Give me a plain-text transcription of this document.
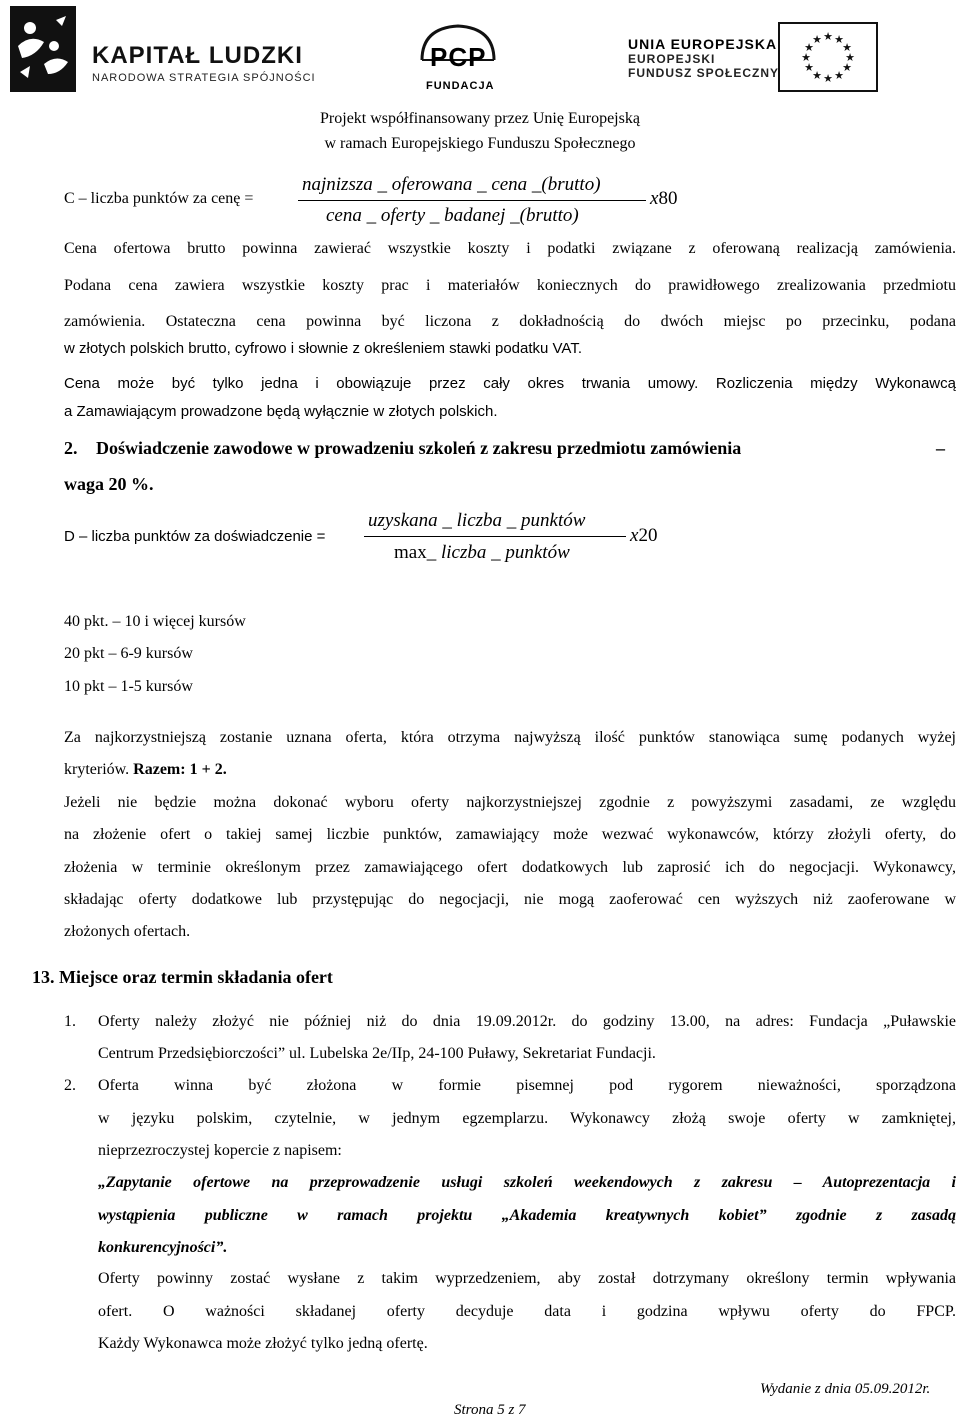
KAPITAŁ LUDZKI
NARODOWA STRATEGIA SPÓJNOŚCI
PCP
FUNDACJA
UNIA EUROPEJSKA
EUROPEJSKI
FUNDUSZ SPOŁECZNY
★ ★
★
★
★
★
★
★
★
★
★
★
Projekt współfinansowany przez Unię Europejską
w ramach Europejskiego Funduszu Społecznego
C – liczba punktów za cenę =
najnizsza _ oferowana _ cena _(brutto)
cena _ oferty _ badanej _(brutto)
x80
Cena ofertowa brutto powinna zawierać wszystkie koszty i podatki związane z oferowaną realizacją zamówienia.
Podana cena zawiera wszystkie koszty prac i materiałów koniecznych do prawidłowego zrealizowania przedmiotu
zamówienia. Ostateczna cena powinna być liczona z dokładnością do dwóch miejsc po przecinku, podana
w złotych polskich brutto, cyfrowo i słownie z określeniem stawki podatku VAT.
Cena może być tylko jedna i obowiązuje przez cały okres trwania umowy. Rozliczenia między Wykonawcą
a Zamawiającym prowadzone będą wyłącznie w złotych polskich.
2. Doświadczenie zawodowe w prowadzeniu szkoleń z zakresu przedmiotu zamówienia	–
waga 20 %.
D – liczba punktów za doświadczenie =
uzyskana _ liczba _ punktów
max_ liczba _ punktów
x20
40 pkt. – 10 i więcej kursów
20 pkt – 6-9 kursów
10 pkt – 1-5 kursów
Za najkorzystniejszą zostanie uznana oferta, która otrzyma najwyższą ilość punktów stanowiąca sumę podanych wyżej
kryteriów. Razem: 1 + 2.
Jeżeli nie będzie można dokonać wyboru oferty najkorzystniejszej zgodnie z powyższymi zasadami, ze względu
na złożenie ofert o takiej samej liczbie punktów, zamawiający może wezwać wykonawców, którzy złożyli oferty, do
złożenia w terminie określonym przez zamawiającego ofert dodatkowych lub zaprosić ich do negocjacji. Wykonawcy,
składając oferty dodatkowe lub przystępując do negocjacji, nie mogą zaoferować cen wyższych niż zaoferowane w
złożonych ofertach.
13. Miejsce oraz termin składania ofert
1. Oferty należy złożyć nie później niż do dnia 19.09.2012r. do godziny 13.00, na adres: Fundacja „Puławskie
Centrum Przedsiębiorczości” ul. Lubelska 2e/IIp, 24-100 Puławy, Sekretariat Fundacji.
2. Oferta winna być złożona w formie pisemnej pod rygorem nieważności, sporządzona
w języku polskim, czytelnie, w jednym egzemplarzu. Wykonawcy złożą swoje oferty w zamkniętej,
nieprzezroczystej kopercie z napisem:
„Zapytanie ofertowe na przeprowadzenie usługi szkoleń weekendowych z zakresu – Autoprezentacja i
wystąpienia publiczne w ramach projektu „Akademia kreatywnych kobiet” zgodnie z zasadą
konkurencyjności”.
Oferty powinny zostać wysłane z takim wyprzedzeniem, aby został dotrzymany określony termin wpływania
ofert. O ważności składanej oferty decyduje data i godzina wpływu oferty do FPCP.
Każdy Wykonawca może złożyć tylko jedną ofertę.
Wydanie z dnia 05.09.2012r.
Strona 5 z 7
